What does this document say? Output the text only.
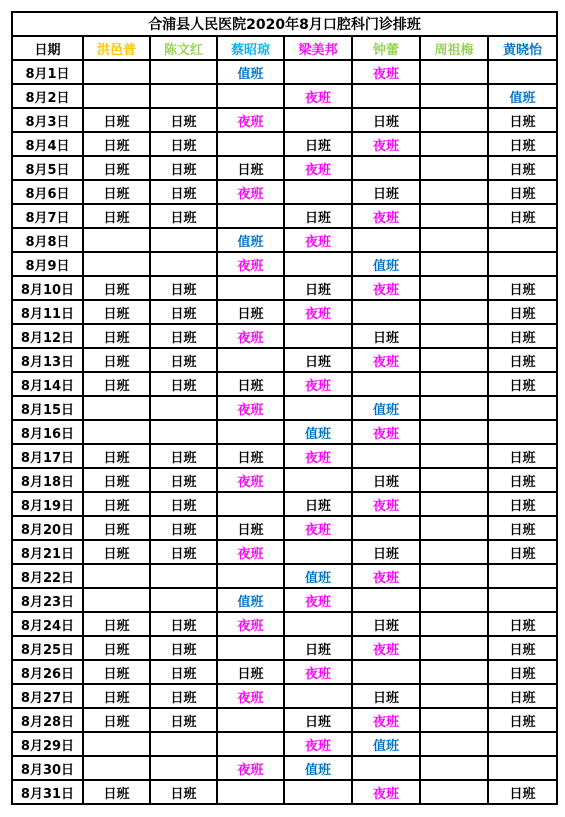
合浦县人民医院2020年8月口腔科门诊排班							
日期	洪邑普	陈文红	蔡昭琼	梁美邦	钟蕾	周祖梅	黄晓怡
8月1日			值班		夜班		
8月2日				夜班			值班
8月3日	日班	日班	夜班		日班		日班
8月4日	日班	日班		日班	夜班		日班
8月5日	日班	日班	日班	夜班			日班
8月6日	日班	日班	夜班		日班		日班
8月7日	日班	日班		日班	夜班		日班
8月8日			值班	夜班			
8月9日			夜班		值班		
8月10日	日班	日班		日班	夜班		日班
8月11日	日班	日班	日班	夜班			日班
8月12日	日班	日班	夜班		日班		日班
8月13日	日班	日班		日班	夜班		日班
8月14日	日班	日班	日班	夜班			日班
8月15日			夜班		值班		
8月16日				值班	夜班		
8月17日	日班	日班	日班	夜班			日班
8月18日	日班	日班	夜班		日班		日班
8月19日	日班	日班		日班	夜班		日班
8月20日	日班	日班	日班	夜班			日班
8月21日	日班	日班	夜班		日班		日班
8月22日				值班	夜班		
8月23日			值班	夜班			
8月24日	日班	日班	夜班		日班		日班
8月25日	日班	日班		日班	夜班		日班
8月26日	日班	日班	日班	夜班			日班
8月27日	日班	日班	夜班		日班		日班
8月28日	日班	日班		日班	夜班		日班
8月29日				夜班	值班		
8月30日			夜班	值班			
8月31日	日班	日班			夜班		日班
